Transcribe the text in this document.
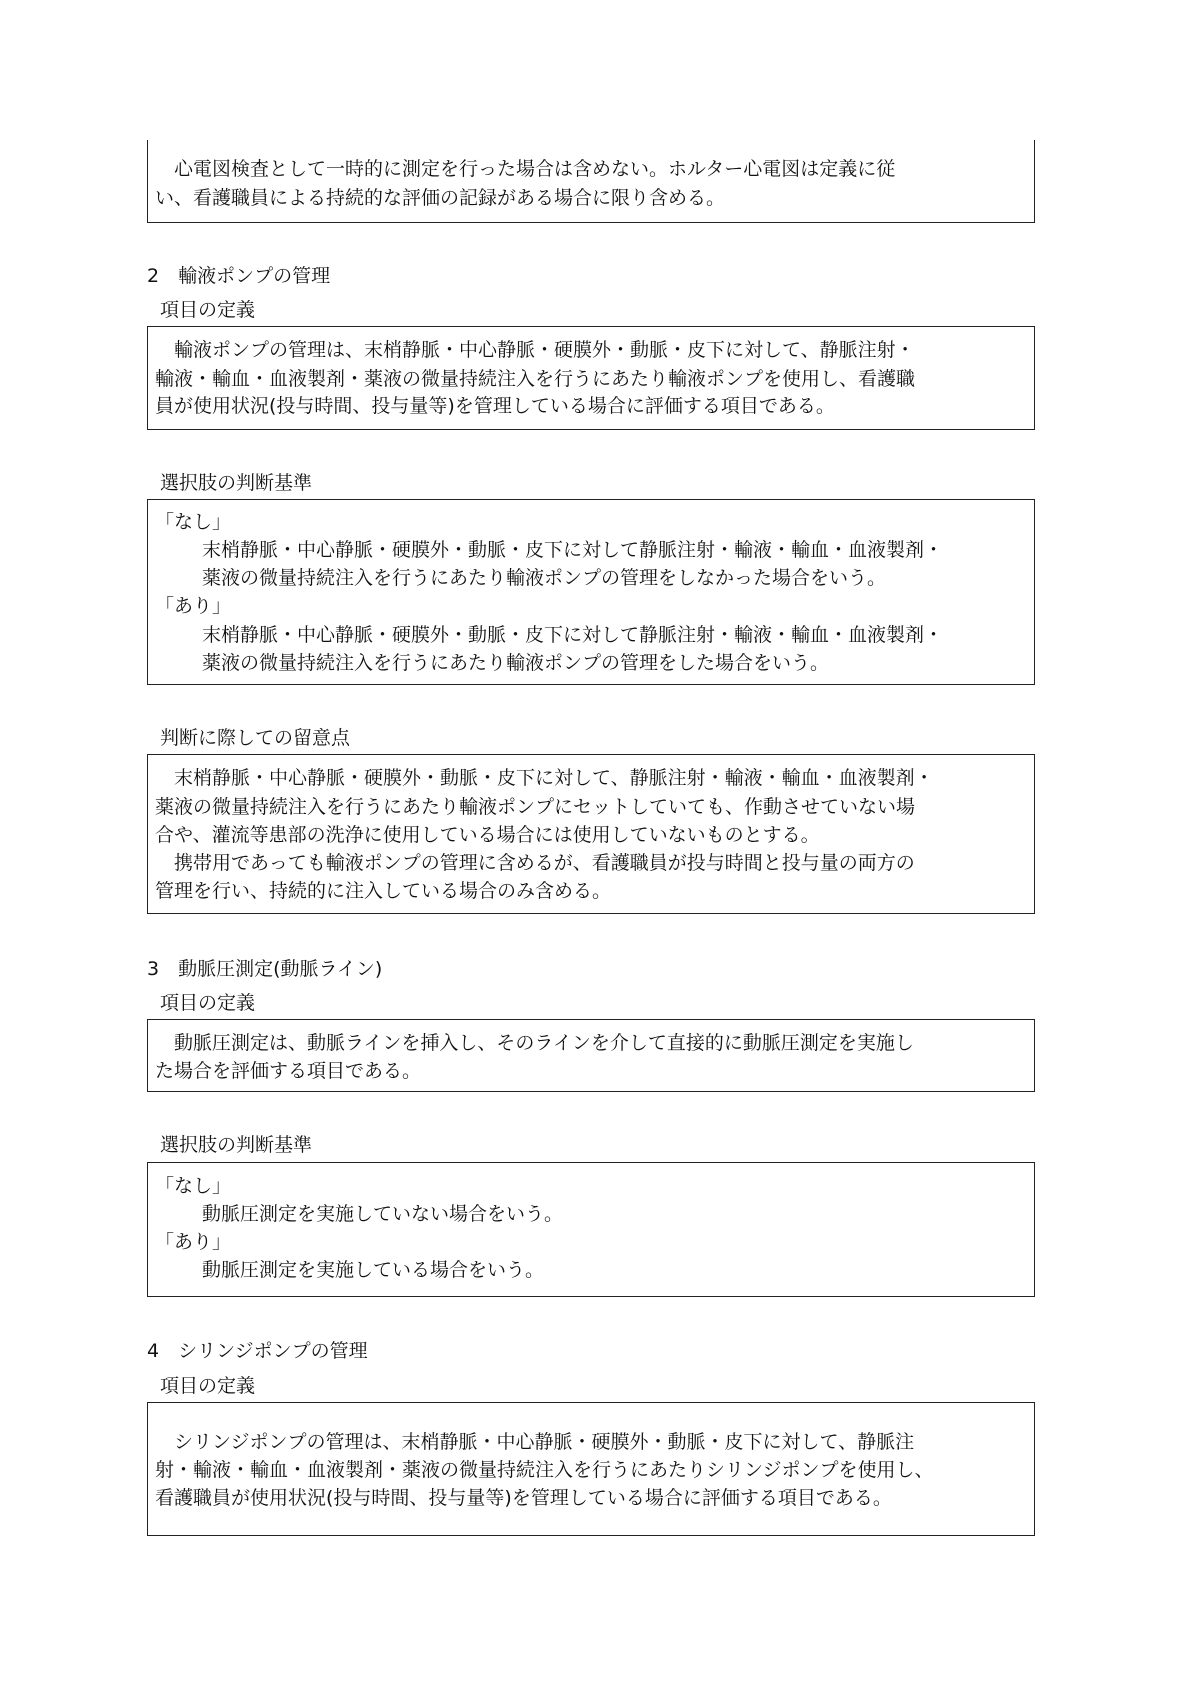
　心電図検査として一時的に測定を行った場合は含めない。ホルター心電図は定義に従
い、看護職員による持続的な評価の記録がある場合に限り含める。
2　輸液ポンプの管理
項目の定義
　輸液ポンプの管理は、末梢静脈・中心静脈・硬膜外・動脈・皮下に対して、静脈注射・
輸液・輸血・血液製剤・薬液の微量持続注入を行うにあたり輸液ポンプを使用し、看護職
員が使用状況(投与時間、投与量等)を管理している場合に評価する項目である。
選択肢の判断基準
「なし」
末梢静脈・中心静脈・硬膜外・動脈・皮下に対して静脈注射・輸液・輸血・血液製剤・
薬液の微量持続注入を行うにあたり輸液ポンプの管理をしなかった場合をいう。
「あり」
末梢静脈・中心静脈・硬膜外・動脈・皮下に対して静脈注射・輸液・輸血・血液製剤・
薬液の微量持続注入を行うにあたり輸液ポンプの管理をした場合をいう。
判断に際しての留意点
　末梢静脈・中心静脈・硬膜外・動脈・皮下に対して、静脈注射・輸液・輸血・血液製剤・
薬液の微量持続注入を行うにあたり輸液ポンプにセットしていても、作動させていない場
合や、灌流等患部の洗浄に使用している場合には使用していないものとする。
　携帯用であっても輸液ポンプの管理に含めるが、看護職員が投与時間と投与量の両方の
管理を行い、持続的に注入している場合のみ含める。
3　動脈圧測定(動脈ライン)
項目の定義
　動脈圧測定は、動脈ラインを挿入し、そのラインを介して直接的に動脈圧測定を実施し
た場合を評価する項目である。
選択肢の判断基準
「なし」
動脈圧測定を実施していない場合をいう。
「あり」
動脈圧測定を実施している場合をいう。
4　シリンジポンプの管理
項目の定義
　シリンジポンプの管理は、末梢静脈・中心静脈・硬膜外・動脈・皮下に対して、静脈注
射・輸液・輸血・血液製剤・薬液の微量持続注入を行うにあたりシリンジポンプを使用し、
看護職員が使用状況(投与時間、投与量等)を管理している場合に評価する項目である。
